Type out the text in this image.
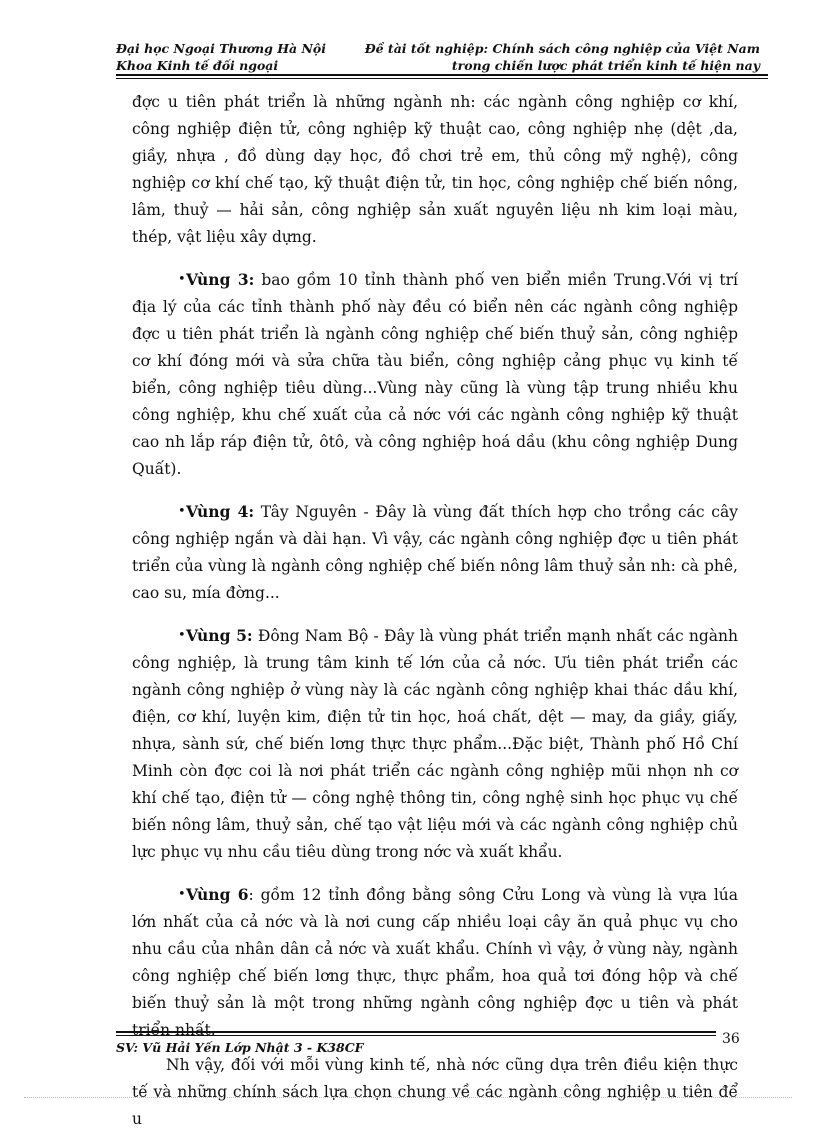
Đại học Ngoại Thương Hà Nội
Khoa Kinh tế đối ngoại
Đề tài tốt nghiệp: Chính sách công nghiệp của Việt Nam
trong chiến lược phát triển kinh tế hiện nay

đợc u tiên phát triển là những ngành nh: các ngành công nghiệp cơ khí, công nghiệp điện tử, công nghiệp kỹ thuật cao, công nghiệp nhẹ (dệt ,da, giầy, nhựa , đồ dùng dạy học, đồ chơi trẻ em, thủ công mỹ nghệ), công nghiệp cơ khí chế tạo, kỹ thuật điện tử, tin học, công nghiệp chế biến nông, lâm, thuỷ — hải sản, công nghiệp sản xuất nguyên liệu nh kim loại màu, thép, vật liệu xây dựng.

• Vùng 3: bao gồm 10 tỉnh thành phố ven biển miền Trung.Với vị trí địa lý của các tỉnh thành phố này đều có biển nên các ngành công nghiệp đợc u tiên phát triển là ngành công nghiệp chế biến thuỷ sản, công nghiệp cơ khí đóng mới và sửa chữa tàu biển, công nghiệp cảng phục vụ kinh tế biển, công nghiệp tiêu dùng...Vùng này cũng là vùng tập trung nhiều khu công nghiệp, khu chế xuất của cả nớc với các ngành công nghiệp kỹ thuật cao nh lắp ráp điện tử, ôtô, và công nghiệp hoá dầu (khu công nghiệp Dung Quất).

• Vùng 4: Tây Nguyên - Đây là vùng đất thích hợp cho trồng các cây công nghiệp ngắn và dài hạn. Vì vậy, các ngành công nghiệp đợc u tiên phát triển của vùng là ngành công nghiệp chế biến nông lâm thuỷ sản nh: cà phê, cao su, mía đờng...

• Vùng 5: Đông Nam Bộ - Đây là vùng phát triển mạnh nhất các ngành công nghiệp, là trung tâm kinh tế lớn của cả nớc. Ưu tiên phát triển các ngành công nghiệp ở vùng này là các ngành công nghiệp khai thác dầu khí, điện, cơ khí, luyện kim, điện tử tin học, hoá chất, dệt — may, da giầy, giấy, nhựa, sành sứ, chế biến lơng thực thực phẩm...Đặc biệt, Thành phố Hồ Chí Minh còn đợc coi là nơi phát triển các ngành công nghiệp mũi nhọn nh cơ khí chế tạo, điện tử — công nghệ thông tin, công nghệ sinh học phục vụ chế biến nông lâm, thuỷ sản, chế tạo vật liệu mới và các ngành công nghiệp chủ lực phục vụ nhu cầu tiêu dùng trong nớc và xuất khẩu.

• Vùng 6: gồm 12 tỉnh đồng bằng sông Cửu Long và vùng là vựa lúa lớn nhất của cả nớc và là nơi cung cấp nhiều loại cây ăn quả phục vụ cho nhu cầu của nhân dân cả nớc và xuất khẩu. Chính vì vậy, ở vùng này, ngành công nghiệp chế biến lơng thực, thực phẩm, hoa quả tơi đóng hộp và chế biến thuỷ sản là một trong những ngành công nghiệp đợc u tiên và phát triển nhất.

Nh vậy, đối với mỗi vùng kinh tế, nhà nớc cũng dựa trên điều kiện thực tế và những chính sách lựa chọn chung về các ngành công nghiệp u tiên để u

SV: Vũ Hải Yến Lớp Nhật 3 - K38CF
36
